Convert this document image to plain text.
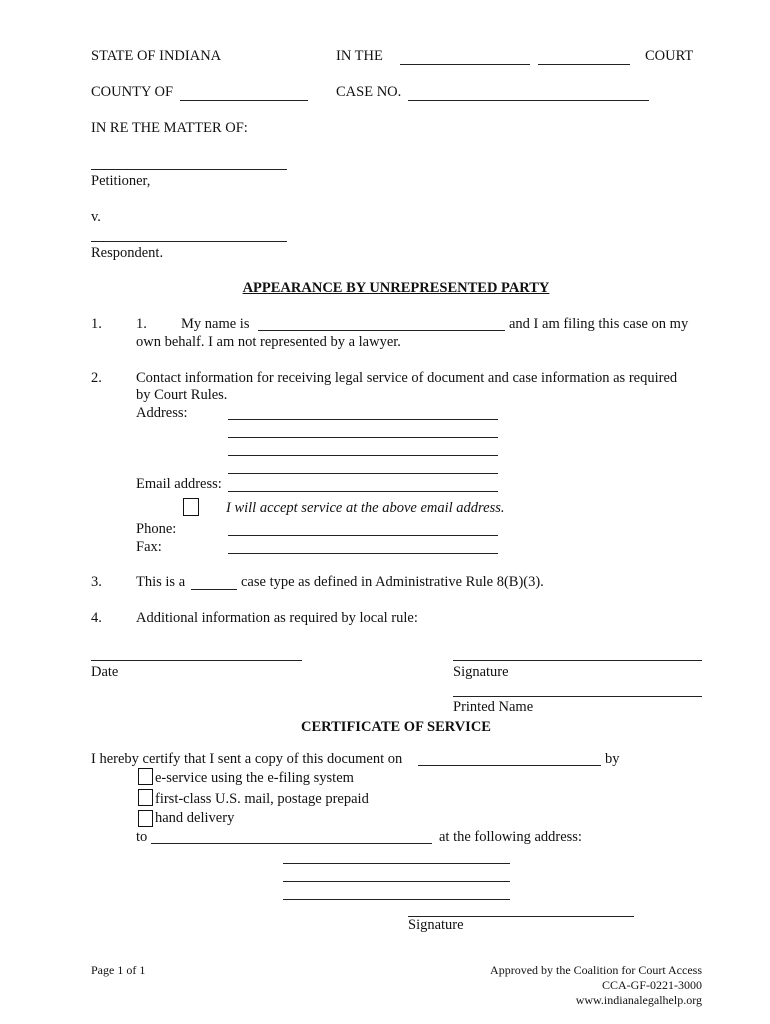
STATE OF INDIANA	IN THE	COURT
COUNTY OF	CASE NO.
IN RE THE MATTER OF:
Petitioner,
v.
Respondent.
APPEARANCE BY UNREPRESENTED PARTY
1. 1. My name is	and I am filing this case on my
own behalf. I am not represented by a lawyer.
2. Contact information for receiving legal service of document and case information as required
by Court Rules.
Address:
Email address:
I will accept service at the above email address.
Phone:
Fax:
3. This is a	case type as defined in Administrative Rule 8(B)(3).
4. Additional information as required by local rule:
Date	Signature
Printed Name
CERTIFICATE OF SERVICE
I hereby certify that I sent a copy of this document on	by
e-service using the e-filing system
first-class U.S. mail, postage prepaid
hand delivery
to	at the following address:
Signature
Page 1 of 1	Approved by the Coalition for Court Access
CCA-GF-0221-3000
www.indianalegalhelp.org
